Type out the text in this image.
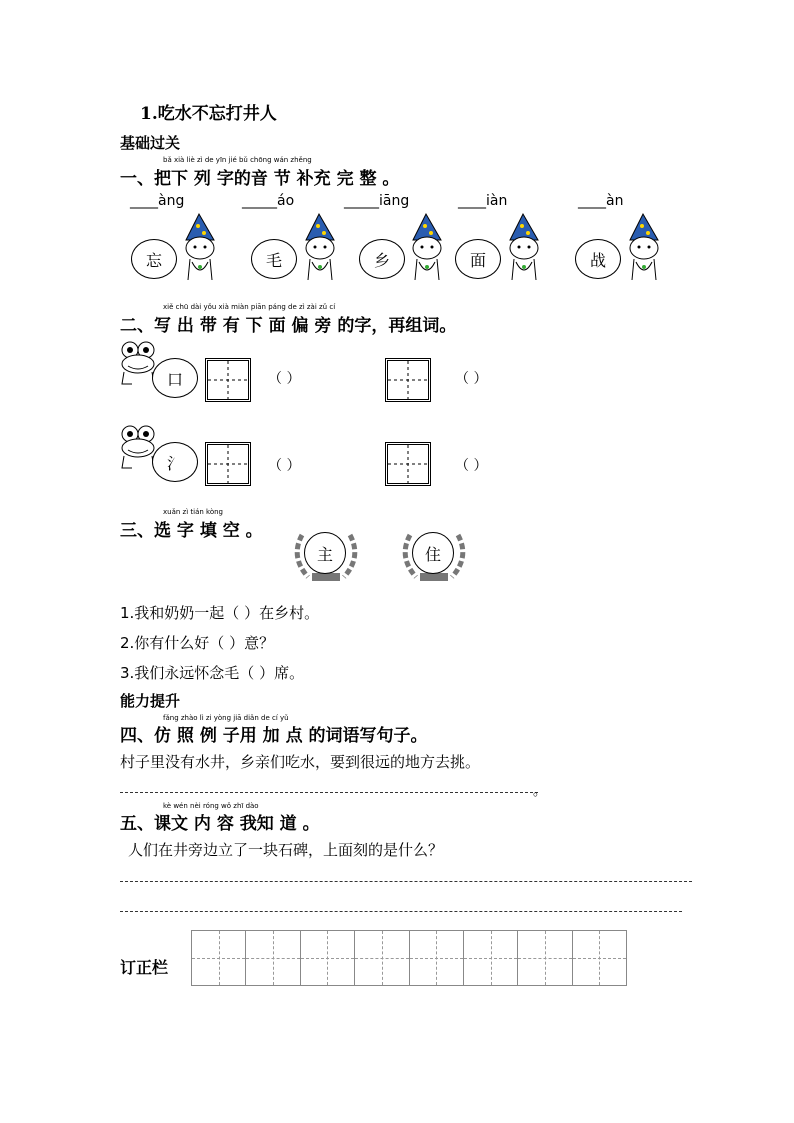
1.吃水不忘打井人
基础过关
bǎ xià liè zì de yīn jié bǔ chōng wán zhěng
一、把下 列 字的音 节 补充 完 整 。
____àng	_____áo	_____iāng	____iàn	____àn
忘	毛	乡	面	战
xiě chū dài yǒu xià miàn piān páng de zì zài zǔ cí
二、写 出 带 有 下 面 偏 旁 的字，再组词。
口	（ ）	（ ）
氵	（ ）	（ ）
xuǎn zì tián kòng
三、选 字 填 空 。
主	住
1.我和奶奶一起（ ）在乡村。
2.你有什么好（ ）意？
3.我们永远怀念毛（ ）席。
能力提升
fǎng zhào lì zi yòng jiā diǎn de cí yǔ
四、仿 照 例 子用 加 点 的词语写句子。
村子里没有水井，乡亲们吃水，要到很远的地方去挑。
。
kè wén nèi róng wǒ zhī dào
五、课文 内 容 我知 道 。
人们在井旁边立了一块石碑，上面刻的是什么？
订正栏
